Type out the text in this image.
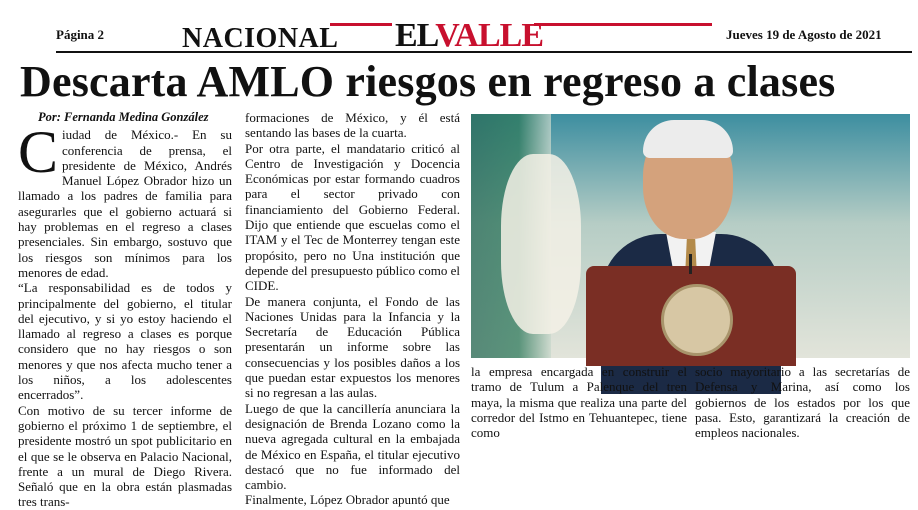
Página 2	NACIONAL ELVALLE	Jueves 19 de Agosto de 2021
Descarta AMLO riesgos en regreso a clases

Por: Fernanda Medina González

Ciudad de México.- En su conferencia de prensa, el presidente de México, Andrés Manuel López Obrador hizo un llamado a los padres de familia para asegurarles que el gobierno actuará si hay problemas en el regreso a clases presenciales. Sin embargo, sostuvo que los riesgos son mínimos para los menores de edad.

“La responsabilidad es de todos y principalmente del gobierno, el titular del ejecutivo, y si yo estoy haciendo el llamado al regreso a clases es porque considero que no hay riesgos o son menores y que nos afecta mucho tener a los niños, a los adolescentes encerrados”.

Con motivo de su tercer informe de gobierno el próximo 1 de septiembre, el presidente mostró un spot publicitario en el que se le observa en Palacio Nacional, frente a un mural de Diego Rivera. Señaló que en la obra están plasmadas tres trans-

formaciones de México, y él está sentando las bases de la cuarta.

Por otra parte, el mandatario criticó al Centro de Investigación y Docencia Económicas por estar formando cuadros para el sector privado con financiamiento del Gobierno Federal. Dijo que entiende que escuelas como el ITAM y el Tec de Monterrey tengan este propósito, pero no Una institución que depende del presupuesto público como el CIDE.

De manera conjunta, el Fondo de las Naciones Unidas para la Infancia y la Secretaría de Educación Pública presentarán un informe sobre las consecuencias y los posibles daños a los que puedan estar expuestos los menores si no regresan a las aulas.

Luego de que la cancillería anunciara la designación de Brenda Lozano como la nueva agregada cultural en la embajada de México en España, el titular ejecutivo destacó que no fue informado del cambio.

Finalmente, López Obrador apuntó que

la empresa encargada en construir el tramo de Tulum a Palenque del tren maya, la misma que realiza una parte del corredor del Istmo en Tehuantepec, tiene como

socio mayoritario a las secretarías de Defensa y Marina, así como los gobiernos de los estados por los que pasa. Esto, garantizará la creación de empleos nacionales.
